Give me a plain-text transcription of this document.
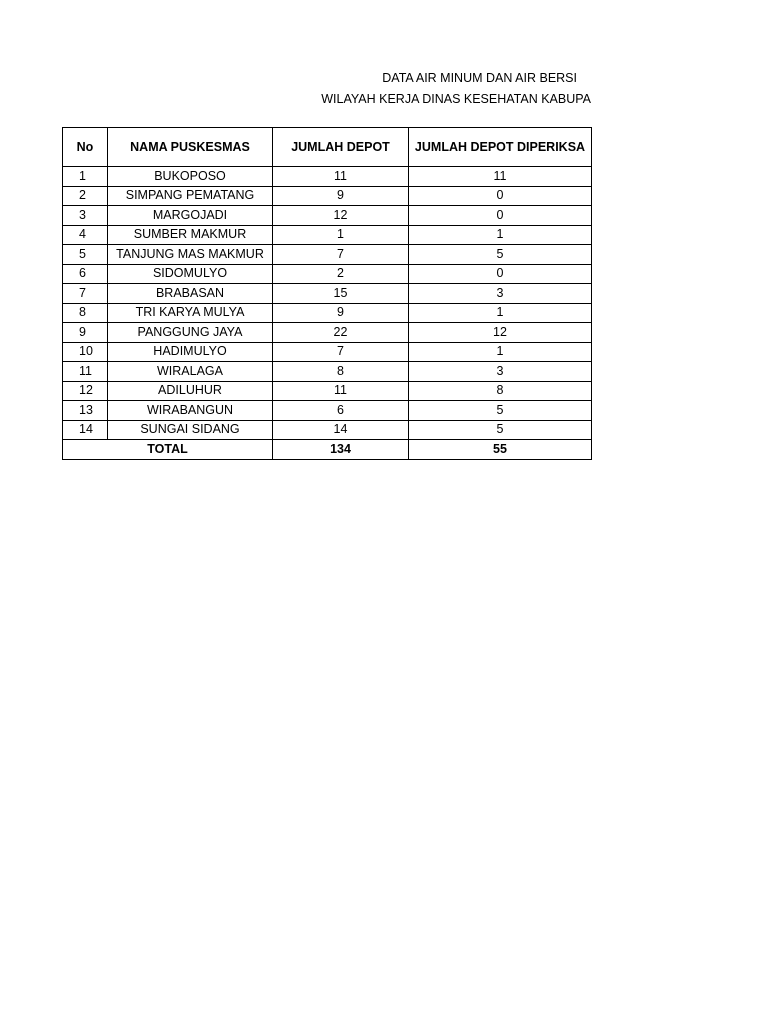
DATA AIR MINUM DAN AIR BERSI
WILAYAH KERJA DINAS KESEHATAN KABUPA
No	NAMA PUSKESMAS	JUMLAH DEPOT	JUMLAH DEPOT DIPERIKSA
1	BUKOPOSO	11	11
2	SIMPANG PEMATANG	9	0
3	MARGOJADI	12	0
4	SUMBER MAKMUR	1	1
5	TANJUNG MAS MAKMUR	7	5
6	SIDOMULYO	2	0
7	BRABASAN	15	3
8	TRI KARYA MULYA	9	1
9	PANGGUNG JAYA	22	12
10	HADIMULYO	7	1
11	WIRALAGA	8	3
12	ADILUHUR	11	8
13	WIRABANGUN	6	5
14	SUNGAI SIDANG	14	5
TOTAL		134	55
